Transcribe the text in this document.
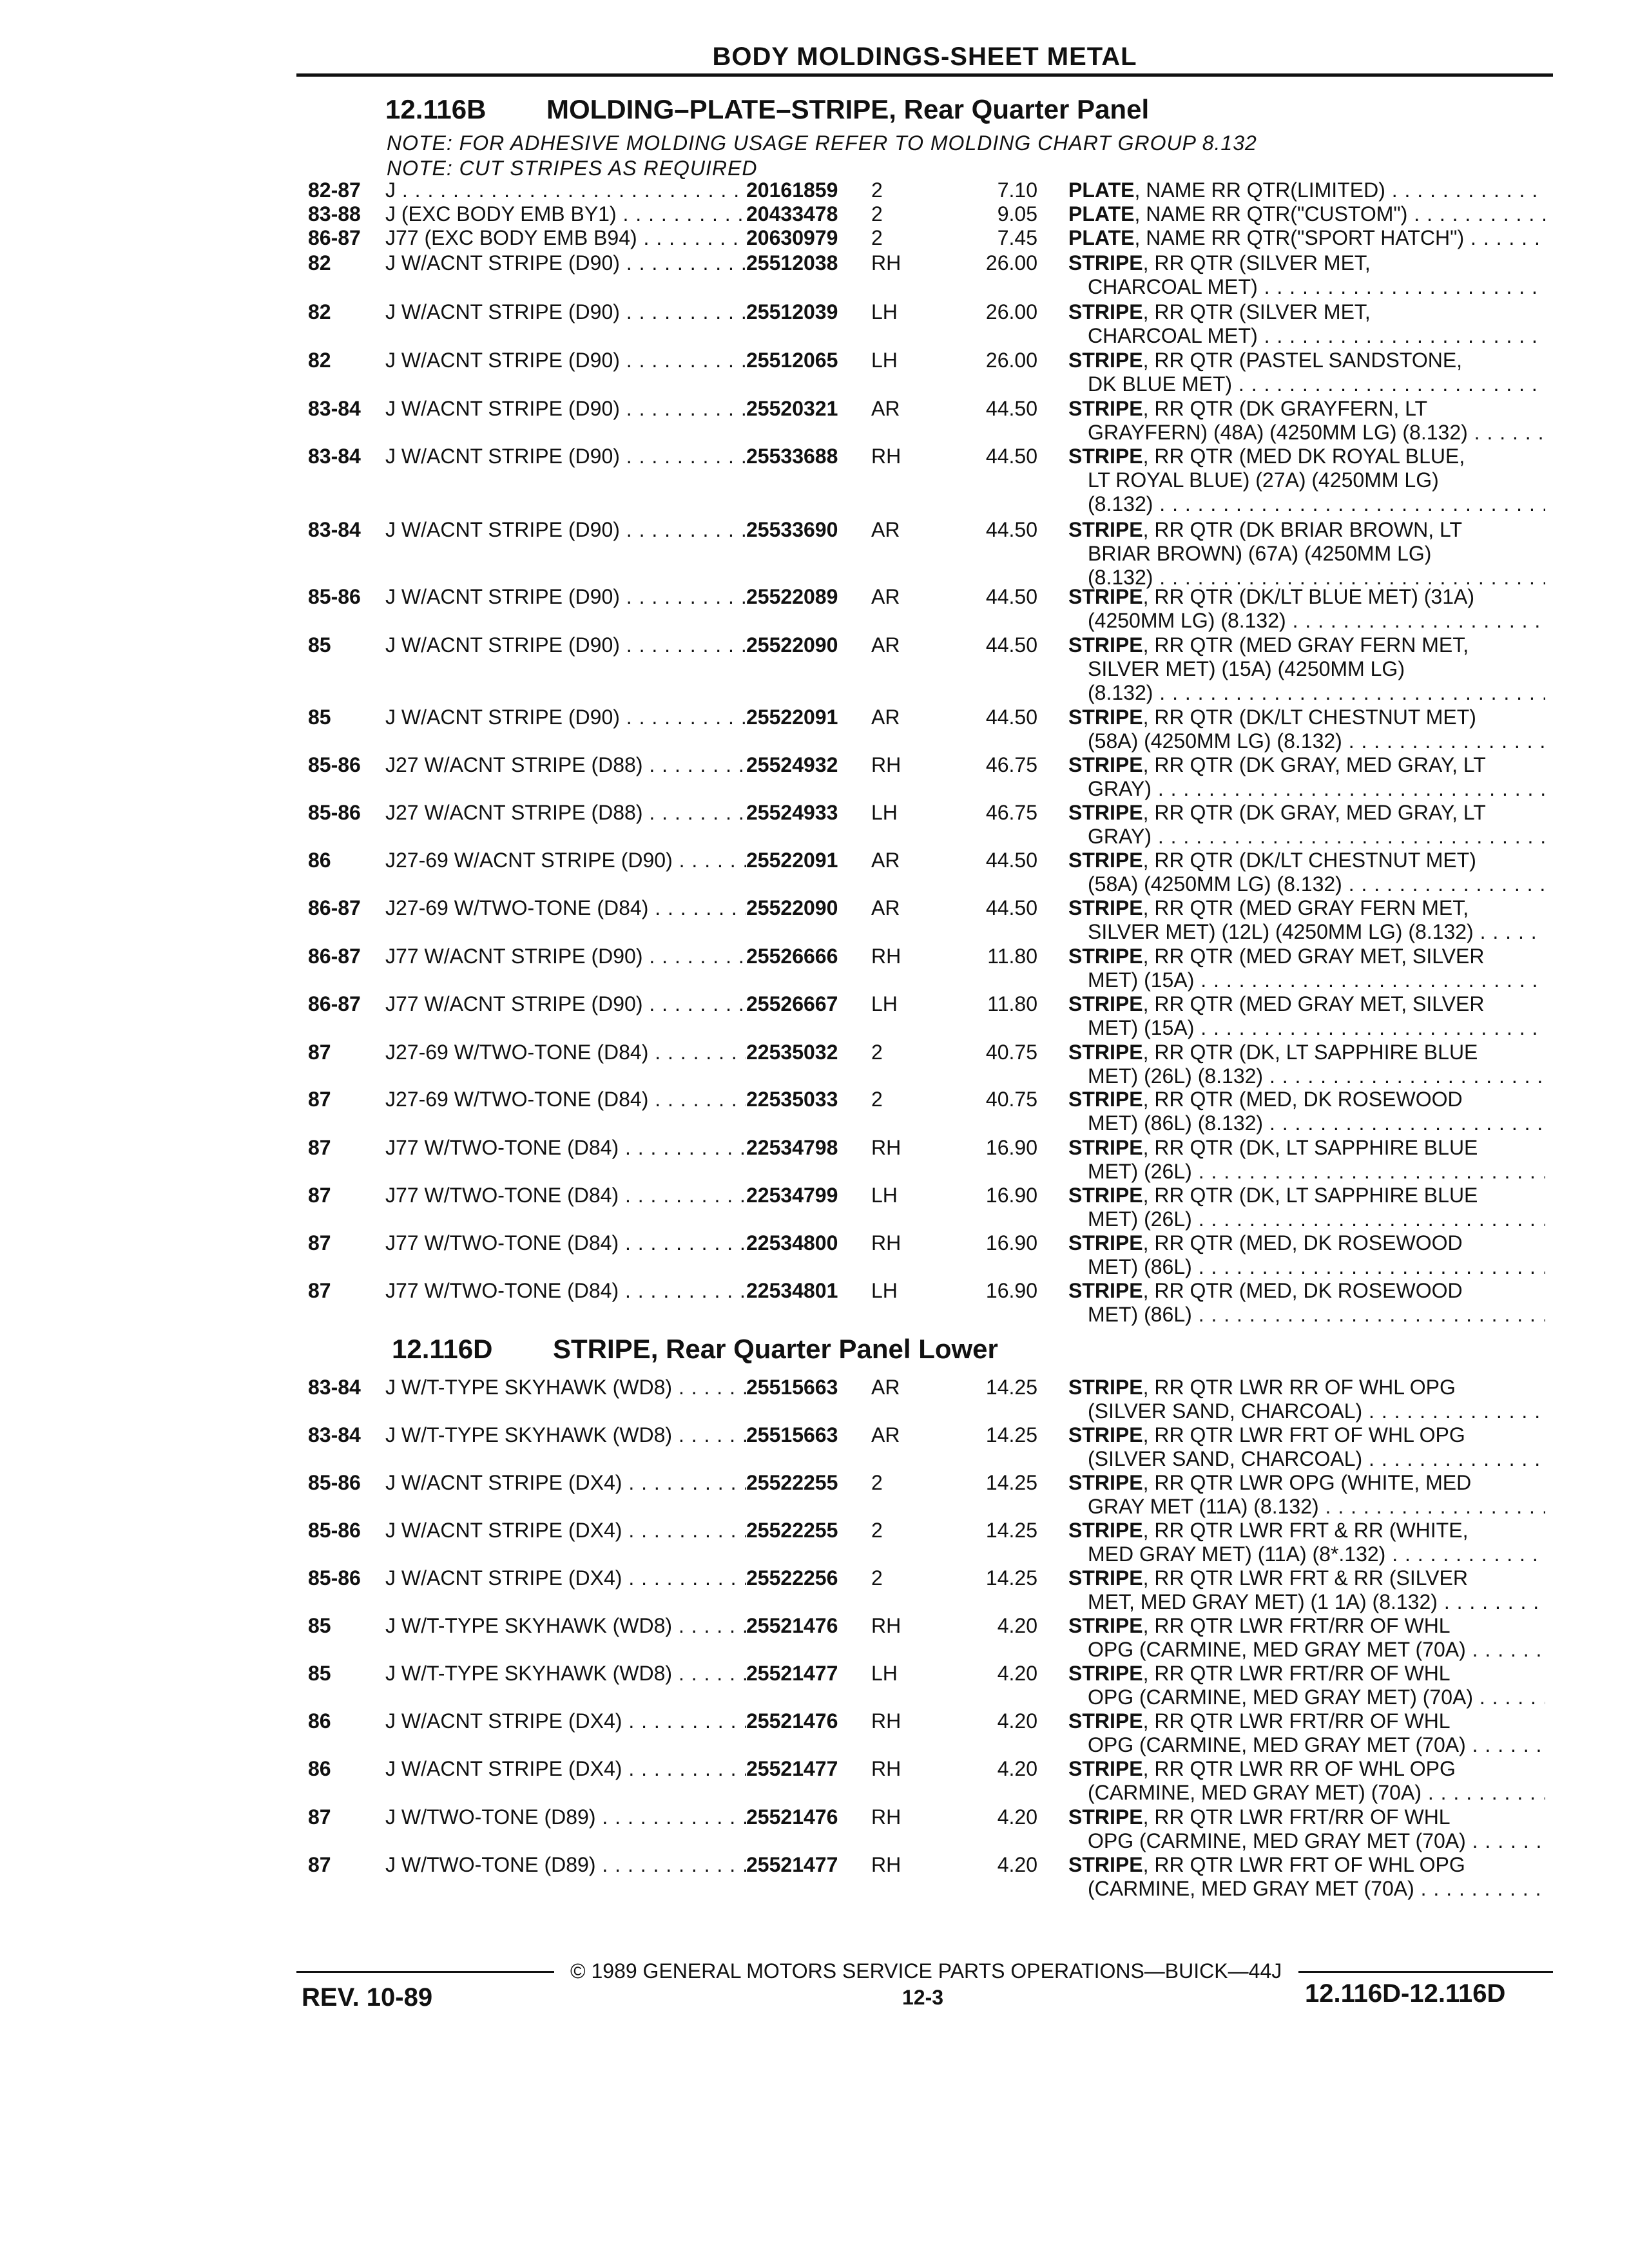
BODY MOLDINGS-SHEET METAL
12.116B MOLDING–PLATE–STRIPE, Rear Quarter Panel
NOTE: FOR ADHESIVE MOLDING USAGE REFER TO MOLDING CHART GROUP 8.132
NOTE: CUT STRIPES AS REQUIRED
82-87 J . . .	20161859	2	7.10 PLATE, NAME RR QTR(LIMITED) . . .
83-88 J (EXC BODY EMB BY1) . . .	20433478	2	9.05 PLATE, NAME RR QTR("CUSTOM") . . .
86-87 J77 (EXC BODY EMB B94) . . .	20630979	2	7.45 PLATE, NAME RR QTR("SPORT HATCH") . . .
82	J W/ACNT STRIPE (D90) . . .	25512038	RH	26.00 STRIPE, RR QTR (SILVER MET,
CHARCOAL MET) . . .
82	J W/ACNT STRIPE (D90) . . .	25512039	LH	26.00 STRIPE, RR QTR (SILVER MET,
CHARCOAL MET) . . .
82	J W/ACNT STRIPE (D90) . . .	25512065	LH	26.00 STRIPE, RR QTR (PASTEL SANDSTONE,
DK BLUE MET) . . .
83-84 J W/ACNT STRIPE (D90) . . .	25520321	AR	44.50 STRIPE, RR QTR (DK GRAYFERN, LT
GRAYFERN) (48A) (4250MM LG) (8.132) . . .
83-84 J W/ACNT STRIPE (D90) . . .	25533688	RH	44.50 STRIPE, RR QTR (MED DK ROYAL BLUE,
LT ROYAL BLUE) (27A) (4250MM LG)
(8.132) . . .
83-84 J W/ACNT STRIPE (D90) . . .	25533690	AR	44.50 STRIPE, RR QTR (DK BRIAR BROWN, LT
BRIAR BROWN) (67A) (4250MM LG)
(8.132) . . .
85-86 J W/ACNT STRIPE (D90) . . .	25522089	AR	44.50 STRIPE, RR QTR (DK/LT BLUE MET) (31A)
(4250MM LG) (8.132) . . .
85	J W/ACNT STRIPE (D90) . . .	25522090	AR	44.50 STRIPE, RR QTR (MED GRAY FERN MET,
SILVER MET) (15A) (4250MM LG)
(8.132) . . .
85	J W/ACNT STRIPE (D90) . . .	25522091	AR	44.50 STRIPE, RR QTR (DK/LT CHESTNUT MET)
(58A) (4250MM LG) (8.132) . . .
85-86 J27 W/ACNT STRIPE (D88) . . .	25524932	RH	46.75 STRIPE, RR QTR (DK GRAY, MED GRAY, LT
GRAY) . . .
85-86 J27 W/ACNT STRIPE (D88) . . .	25524933	LH	46.75 STRIPE, RR QTR (DK GRAY, MED GRAY, LT
GRAY) . . .
86	J27-69 W/ACNT STRIPE (D90) . . .	25522091	AR	44.50 STRIPE, RR QTR (DK/LT CHESTNUT MET)
(58A) (4250MM LG) (8.132) . . .
86-87 J27-69 W/TWO-TONE (D84) . . .	25522090	AR	44.50 STRIPE, RR QTR (MED GRAY FERN MET,
SILVER MET) (12L) (4250MM LG) (8.132) . . .
86-87 J77 W/ACNT STRIPE (D90) . . .	25526666	RH	11.80 STRIPE, RR QTR (MED GRAY MET, SILVER
MET) (15A) . . .
86-87 J77 W/ACNT STRIPE (D90) . . .	25526667	LH	11.80 STRIPE, RR QTR (MED GRAY MET, SILVER
MET) (15A) . . .
87	J27-69 W/TWO-TONE (D84) . . .	22535032	2	40.75 STRIPE, RR QTR (DK, LT SAPPHIRE BLUE
MET) (26L) (8.132) . . .
87	J27-69 W/TWO-TONE (D84) . . .	22535033	2	40.75 STRIPE, RR QTR (MED, DK ROSEWOOD
MET) (86L) (8.132) . . .
87	J77 W/TWO-TONE (D84) . . .	22534798	RH	16.90 STRIPE, RR QTR (DK, LT SAPPHIRE BLUE
MET) (26L) . . .
87	J77 W/TWO-TONE (D84) . . .	22534799	LH	16.90 STRIPE, RR QTR (DK, LT SAPPHIRE BLUE
MET) (26L) . . .
87	J77 W/TWO-TONE (D84) . . .	22534800	RH	16.90 STRIPE, RR QTR (MED, DK ROSEWOOD
MET) (86L) . . .
87	J77 W/TWO-TONE (D84) . . .	22534801	LH	16.90 STRIPE, RR QTR (MED, DK ROSEWOOD
MET) (86L) . . .
12.116D STRIPE, Rear Quarter Panel Lower
83-84 J W/T-TYPE SKYHAWK (WD8) . . .	25515663	AR	14.25 STRIPE, RR QTR LWR RR OF WHL OPG
(SILVER SAND, CHARCOAL) . . .
83-84 J W/T-TYPE SKYHAWK (WD8) . . .	25515663	AR	14.25 STRIPE, RR QTR LWR FRT OF WHL OPG
(SILVER SAND, CHARCOAL) . . .
85-86 J W/ACNT STRIPE (DX4) . . .	25522255	2	14.25 STRIPE, RR QTR LWR OPG (WHITE, MED
GRAY MET (11A) (8.132) . . .
85-86 J W/ACNT STRIPE (DX4) . . .	25522255	2	14.25 STRIPE, RR QTR LWR FRT & RR (WHITE,
MED GRAY MET) (11A) (8*.132) . . .
85-86 J W/ACNT STRIPE (DX4) . . .	25522256	2	14.25 STRIPE, RR QTR LWR FRT & RR (SILVER
MET, MED GRAY MET) (1 1A) (8.132) . . .
85	J W/T-TYPE SKYHAWK (WD8) . . .	25521476	RH	4.20 STRIPE, RR QTR LWR FRT/RR OF WHL
OPG (CARMINE, MED GRAY MET (70A) . . .
85	J W/T-TYPE SKYHAWK (WD8) . . .	25521477	LH	4.20 STRIPE, RR QTR LWR FRT/RR OF WHL
OPG (CARMINE, MED GRAY MET) (70A) . . .
86	J W/ACNT STRIPE (DX4) . . .	25521476	RH	4.20 STRIPE, RR QTR LWR FRT/RR OF WHL
OPG (CARMINE, MED GRAY MET (70A) . . .
86	J W/ACNT STRIPE (DX4) . . .	25521477	RH	4.20 STRIPE, RR QTR LWR RR OF WHL OPG
(CARMINE, MED GRAY MET) (70A) . . .
87	J W/TWO-TONE (D89) . . .	25521476	RH	4.20 STRIPE, RR QTR LWR FRT/RR OF WHL
OPG (CARMINE, MED GRAY MET (70A) . . .
87	J W/TWO-TONE (D89) . . .	25521477	RH	4.20 STRIPE, RR QTR LWR FRT OF WHL OPG
(CARMINE, MED GRAY MET (70A) . . .
© 1989 GENERAL MOTORS SERVICE PARTS OPERATIONS—BUICK—44J
REV. 10-89	12-3	12.116D-12.116D
